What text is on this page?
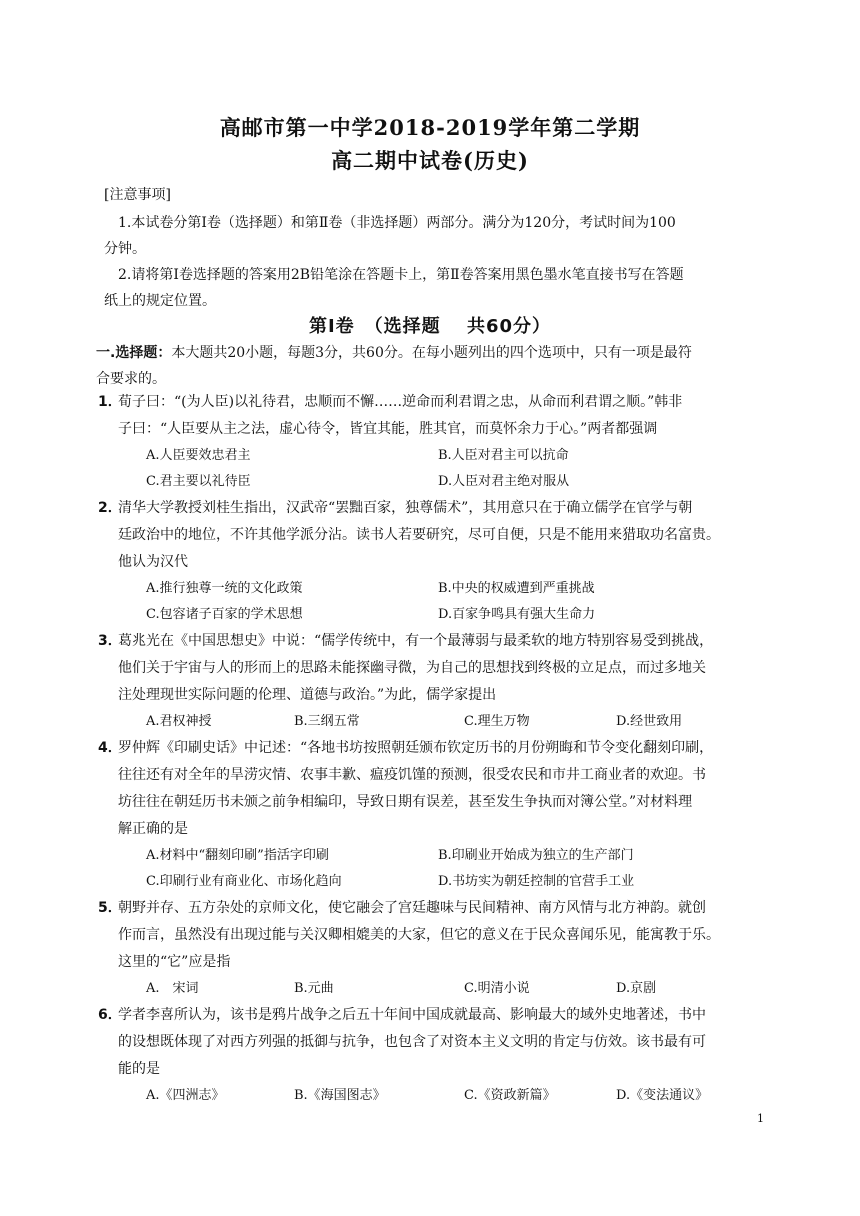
高邮市第一中学2018-2019学年第二学期
高二期中试卷(历史)
[注意事项]
1.本试卷分第Ⅰ卷（选择题）和第Ⅱ卷（非选择题）两部分。满分为120分，考试时间为100
分钟。
2.请将第Ⅰ卷选择题的答案用2B铅笔涂在答题卡上，第Ⅱ卷答案用黑色墨水笔直接书写在答题
纸上的规定位置。
第Ⅰ卷　（选择题　 共60分）
一.选择题：本大题共20小题，每题3分，共60分。在每小题列出的四个选项中，只有一项是最符
合要求的。
1．荀子曰：“(为人臣)以礼待君，忠顺而不懈……逆命而利君谓之忠，从命而利君谓之顺。”韩非
子曰：“人臣要从主之法，虚心待令，皆宜其能，胜其官，而莫怀余力于心。”两者都强调
A.人臣要效忠君主	B.人臣对君主可以抗命
C.君主要以礼待臣	D.人臣对君主绝对服从
2．清华大学教授刘桂生指出，汉武帝“罢黜百家，独尊儒术”，其用意只在于确立儒学在官学与朝
廷政治中的地位，不许其他学派分沾。读书人若要研究，尽可自便，只是不能用来猎取功名富贵。
他认为汉代
A.推行独尊一统的文化政策	B.中央的权威遭到严重挑战
C.包容诸子百家的学术思想	D.百家争鸣具有强大生命力
3．葛兆光在《中国思想史》中说：“儒学传统中，有一个最薄弱与最柔软的地方特别容易受到挑战，
他们关于宇宙与人的形而上的思路未能探幽寻微，为自己的思想找到终极的立足点，而过多地关
注处理现世实际问题的伦理、道德与政治。”为此，儒学家提出
A.君权神授	B.三纲五常	C.理生万物	D.经世致用
4．罗仲辉《印刷史话》中记述：“各地书坊按照朝廷颁布钦定历书的月份朔晦和节令变化翻刻印刷，
往往还有对全年的旱涝灾情、农事丰歉、瘟疫饥馑的预测，很受农民和市井工商业者的欢迎。书
坊往往在朝廷历书未颁之前争相编印，导致日期有误差，甚至发生争执而对簿公堂。”对材料理
解正确的是
A.材料中“翻刻印刷”指活字印刷	B.印刷业开始成为独立的生产部门
C.印刷行业有商业化、市场化趋向	D.书坊实为朝廷控制的官营手工业
5．朝野并存、五方杂处的京师文化，使它融会了宫廷趣味与民间精神、南方风情与北方神韵。就创
作而言，虽然没有出现过能与关汉卿相媲美的大家，但它的意义在于民众喜闻乐见，能寓教于乐。
这里的“它”应是指
A.　宋词	B.元曲	C.明清小说	D.京剧
6．学者李喜所认为，该书是鸦片战争之后五十年间中国成就最高、影响最大的域外史地著述，书中
的设想既体现了对西方列强的抵御与抗争，也包含了对资本主义文明的肯定与仿效。该书最有可
能的是
A.《四洲志》	B.《海国图志》	C.《资政新篇》	D.《变法通议》
1
